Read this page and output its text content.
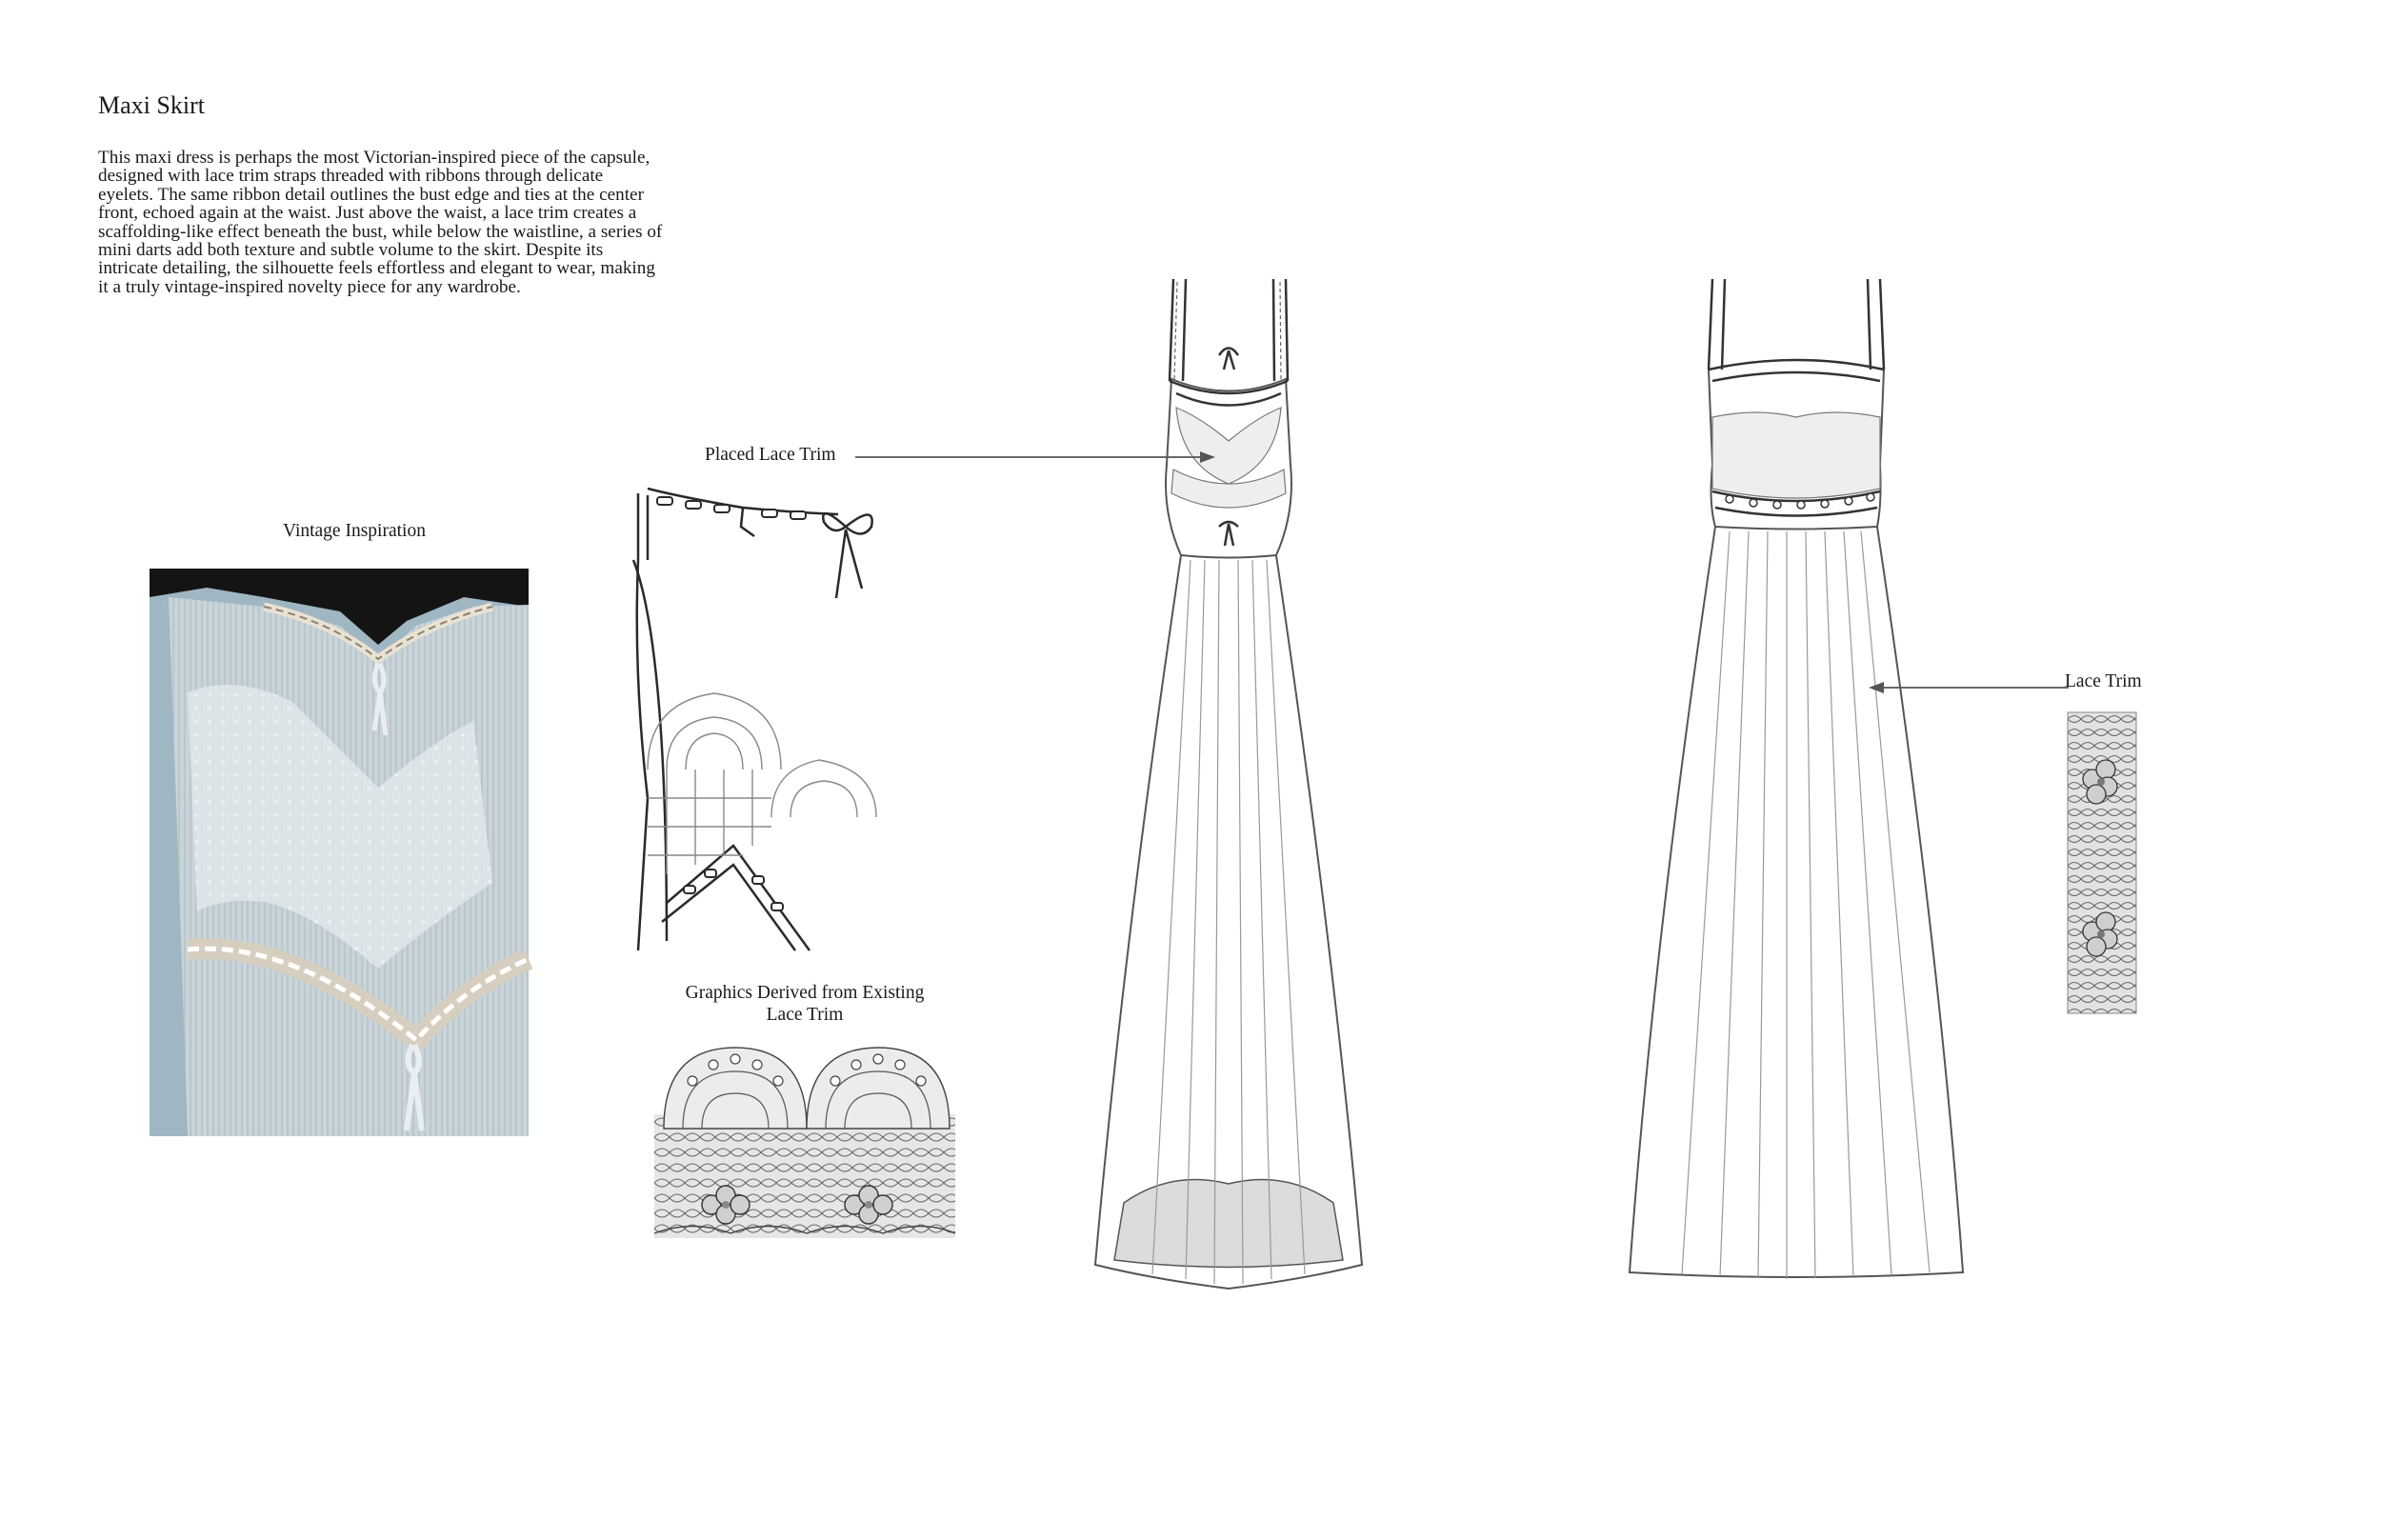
Maxi Skirt
This maxi dress is perhaps the most Victorian-inspired piece of the capsule,
designed with lace trim straps threaded with ribbons through delicate
eyelets. The same ribbon detail outlines the bust edge and ties at the center
front, echoed again at the waist. Just above the waist, a lace trim creates a
scaffolding-like effect beneath the bust, while below the waistline, a series of
mini darts add both texture and subtle volume to the skirt. Despite its
intricate detailing, the silhouette feels effortless and elegant to wear, making
it a truly vintage-inspired novelty piece for any wardrobe.
Vintage Inspiration
Placed Lace Trim
Graphics Derived from Existing
Lace Trim
Lace Trim
